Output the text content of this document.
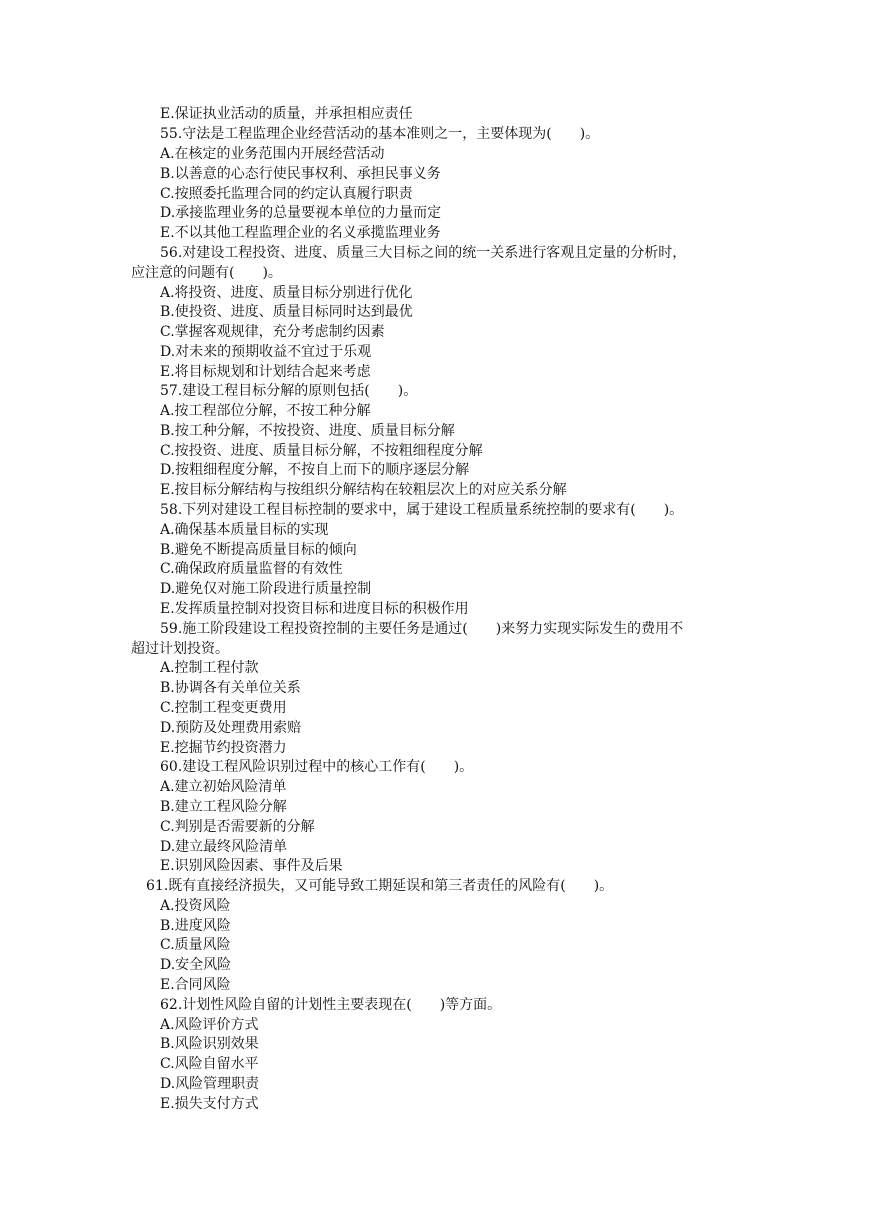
E.保证执业活动的质量，并承担相应责任
55.守法是工程监理企业经营活动的基本准则之一，主要体现为(　　)。
A.在核定的业务范围内开展经营活动
B.以善意的心态行使民事权利、承担民事义务
C.按照委托监理合同的约定认真履行职责
D.承接监理业务的总量要视本单位的力量而定
E.不以其他工程监理企业的名义承揽监理业务
56.对建设工程投资、进度、质量三大目标之间的统一关系进行客观且定量的分析时，
应注意的问题有(　　)。
A.将投资、进度、质量目标分别进行优化
B.使投资、进度、质量目标同时达到最优
C.掌握客观规律，充分考虑制约因素
D.对未来的预期收益不宜过于乐观
E.将目标规划和计划结合起来考虑
57.建设工程目标分解的原则包括(　　)。
A.按工程部位分解，不按工种分解
B.按工种分解，不按投资、进度、质量目标分解
C.按投资、进度、质量目标分解，不按粗细程度分解
D.按粗细程度分解，不按自上而下的顺序逐层分解
E.按目标分解结构与按组织分解结构在较粗层次上的对应关系分解
58.下列对建设工程目标控制的要求中，属于建设工程质量系统控制的要求有(　　)。
A.确保基本质量目标的实现
B.避免不断提高质量目标的倾向
C.确保政府质量监督的有效性
D.避免仅对施工阶段进行质量控制
E.发挥质量控制对投资目标和进度目标的积极作用
59.施工阶段建设工程投资控制的主要任务是通过(　　)来努力实现实际发生的费用不
超过计划投资。
A.控制工程付款
B.协调各有关单位关系
C.控制工程变更费用
D.预防及处理费用索赔
E.挖掘节约投资潜力
60.建设工程风险识别过程中的核心工作有(　　)。
A.建立初始风险清单
B.建立工程风险分解
C.判别是否需要新的分解
D.建立最终风险清单
E.识别风险因素、事件及后果
61.既有直接经济损失，又可能导致工期延误和第三者责任的风险有(　　)。
A.投资风险
B.进度风险
C.质量风险
D.安全风险
E.合同风险
62.计划性风险自留的计划性主要表现在(　　)等方面。
A.风险评价方式
B.风险识别效果
C.风险自留水平
D.风险管理职责
E.损失支付方式
